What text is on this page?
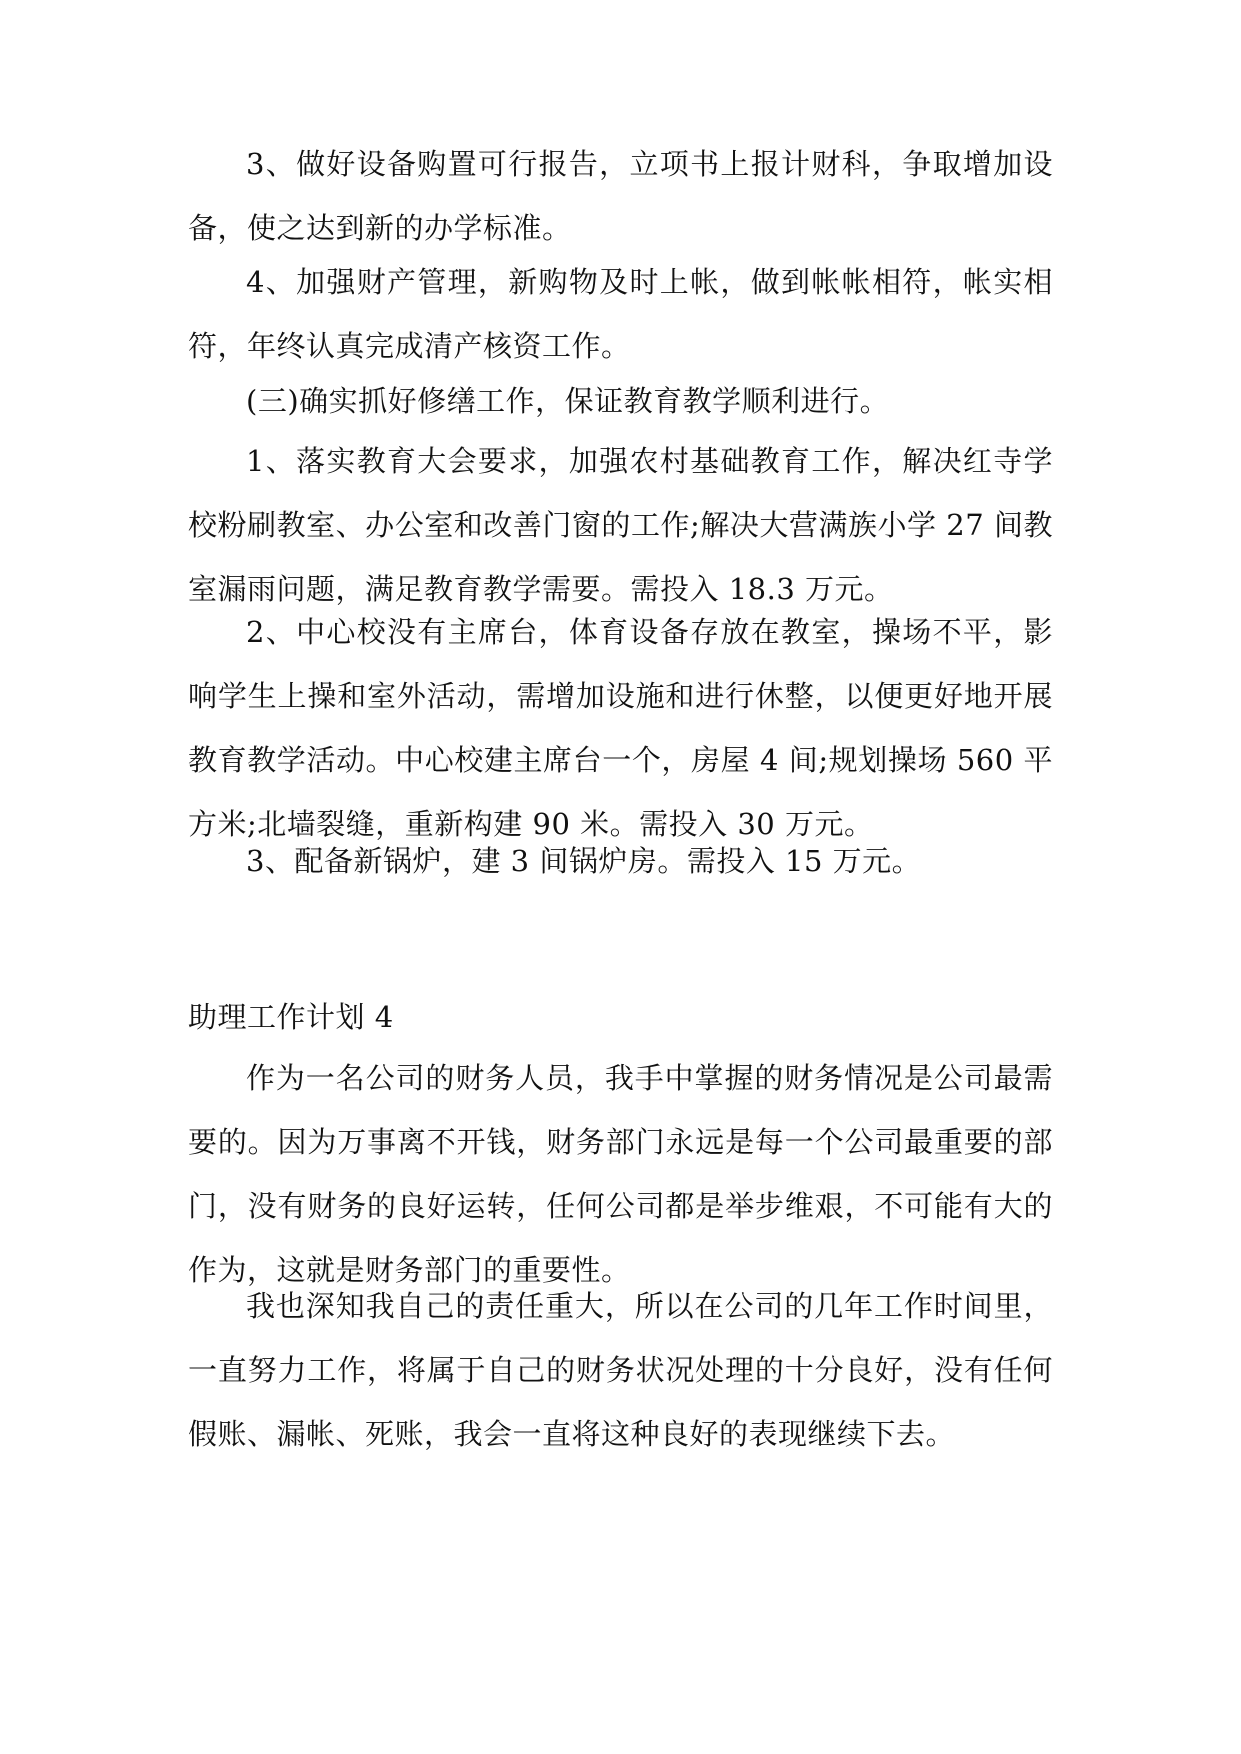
3、做好设备购置可行报告，立项书上报计财科，争取增加设备，使之达到新的办学标准。

4、加强财产管理，新购物及时上帐，做到帐帐相符，帐实相符，年终认真完成清产核资工作。

(三)确实抓好修缮工作，保证教育教学顺利进行。

1、落实教育大会要求，加强农村基础教育工作，解决红寺学校粉刷教室、办公室和改善门窗的工作;解决大营满族小学 27 间教室漏雨问题，满足教育教学需要。需投入 18.3 万元。

2、中心校没有主席台，体育设备存放在教室，操场不平，影响学生上操和室外活动，需增加设施和进行休整，以便更好地开展教育教学活动。中心校建主席台一个，房屋 4 间;规划操场 560 平方米;北墙裂缝，重新构建 90 米。需投入 30 万元。

3、配备新锅炉，建 3 间锅炉房。需投入 15 万元。

助理工作计划 4

作为一名公司的财务人员，我手中掌握的财务情况是公司最需要的。因为万事离不开钱，财务部门永远是每一个公司最重要的部门，没有财务的良好运转，任何公司都是举步维艰，不可能有大的作为，这就是财务部门的重要性。

我也深知我自己的责任重大，所以在公司的几年工作时间里，一直努力工作，将属于自己的财务状况处理的十分良好，没有任何假账、漏帐、死账，我会一直将这种良好的表现继续下去。
